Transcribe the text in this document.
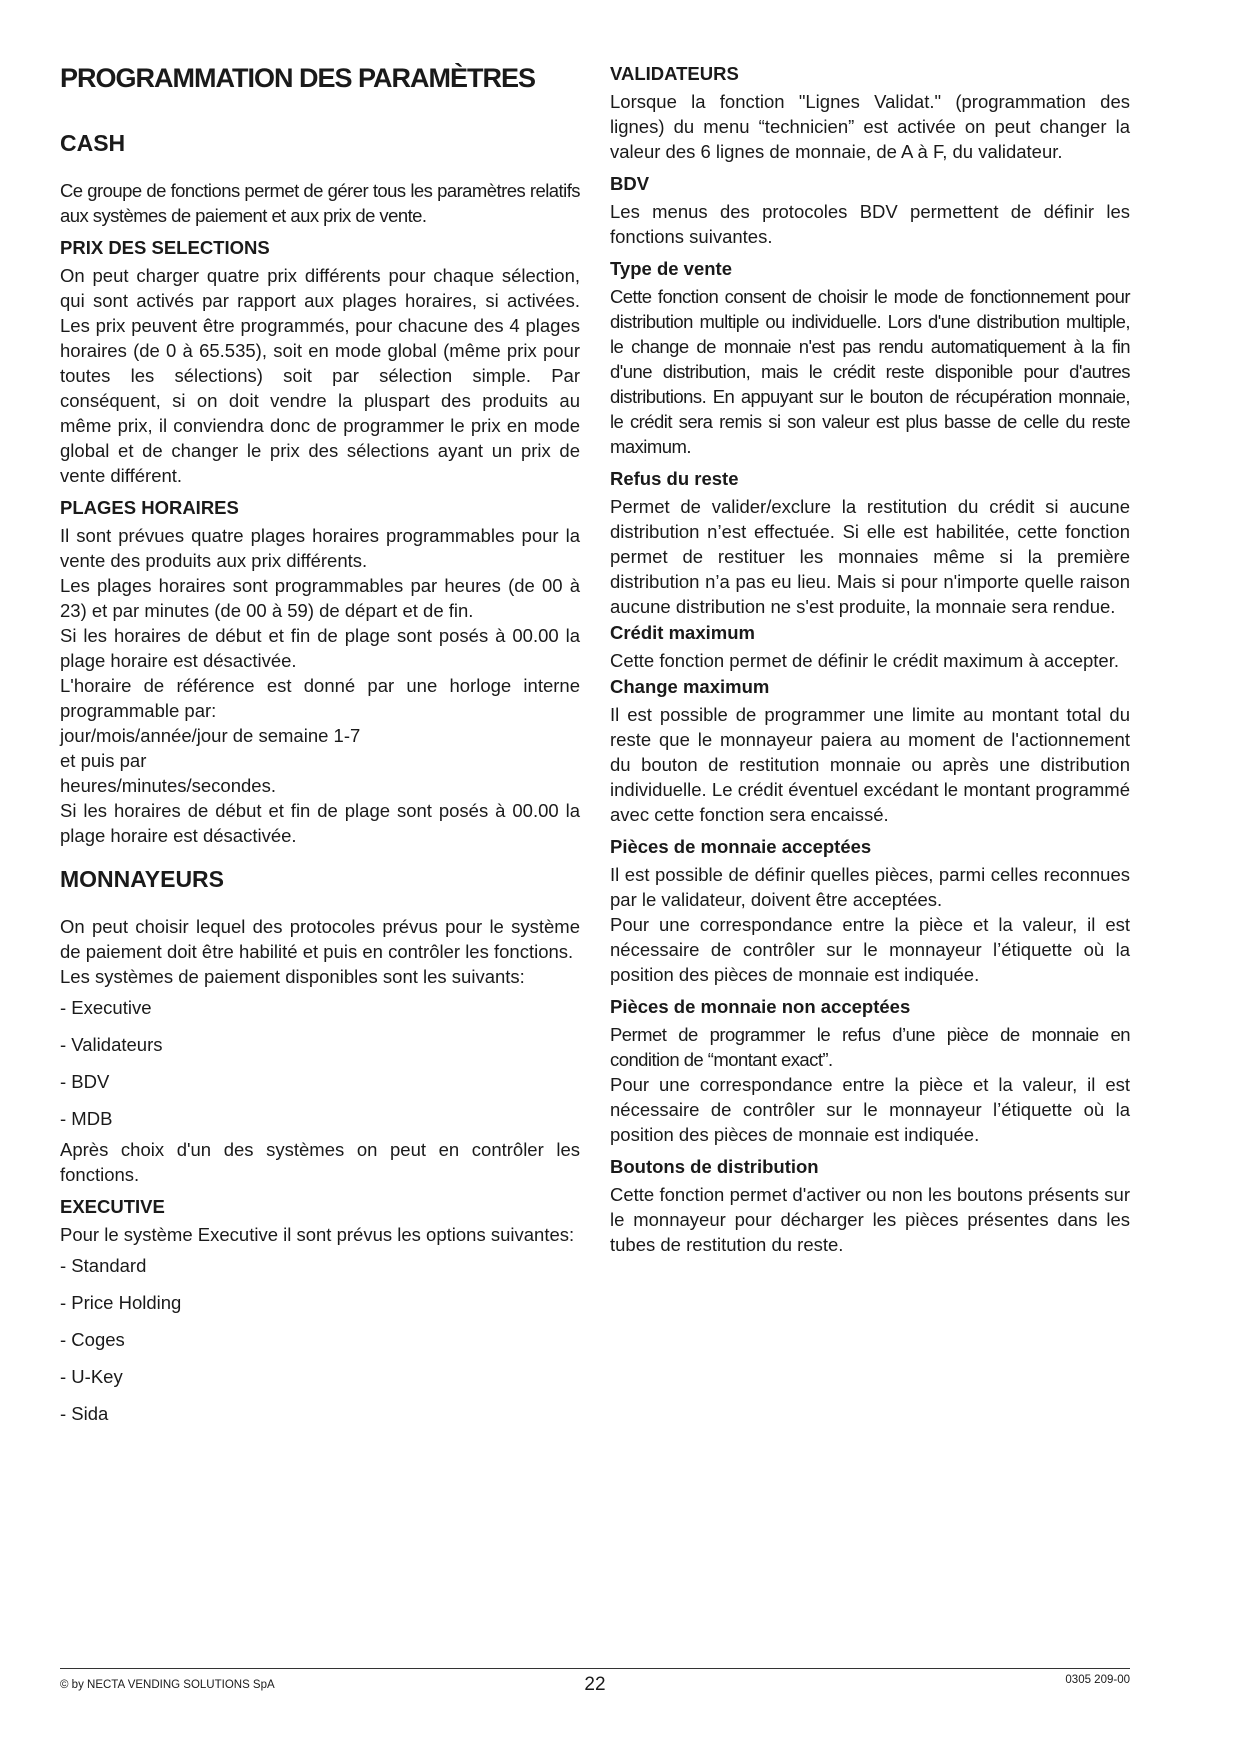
PROGRAMMATION DES PARAMÈTRES
CASH

Ce groupe de fonctions permet de gérer tous les paramètres relatifs aux systèmes de paiement et aux prix de vente.

PRIX DES SELECTIONS

On peut charger quatre prix différents pour chaque sélection, qui sont activés par rapport aux plages horaires, si activées. Les prix peuvent être programmés, pour chacune des 4 plages horaires (de 0 à 65.535), soit en mode global (même prix pour toutes les sélections) soit par sélection simple. Par conséquent, si on doit vendre la pluspart des produits au même prix, il conviendra donc de programmer le prix en mode global et de changer le prix des sélections ayant un prix de vente différent.

PLAGES HORAIRES

Il sont prévues quatre plages horaires programmables pour la vente des produits aux prix différents.

Les plages horaires sont programmables par heures (de 00 à 23) et par minutes (de 00 à 59) de départ et de fin.

Si les horaires de début et fin de plage sont posés à 00.00 la plage horaire est désactivée.

L'horaire de référence est donné par une horloge interne programmable par:

jour/mois/année/jour de semaine 1-7

et puis par

heures/minutes/secondes.

Si les horaires de début et fin de plage sont posés à 00.00 la plage horaire est désactivée.

MONNAYEURS

On peut choisir lequel des protocoles prévus pour le système de paiement doit être habilité et puis en contrôler les fonctions.

Les systèmes de paiement disponibles sont les suivants:

- Executive
- Validateurs
- BDV
- MDB

Après choix d'un des systèmes on peut en contrôler les fonctions.

EXECUTIVE

Pour le système Executive il sont prévus les options suivantes:

- Standard
- Price Holding
- Coges
- U-Key
- Sida
VALIDATEURS

Lorsque la fonction "Lignes Validat." (programmation des lignes) du menu “technicien” est activée on peut changer la valeur des 6 lignes de monnaie, de A à F, du validateur.

BDV

Les menus des protocoles BDV permettent de définir les fonctions suivantes.

Type de vente

Cette fonction consent de choisir le mode de fonctionnement pour distribution multiple ou individuelle. Lors d'une distribution multiple, le change de monnaie n'est pas rendu automatiquement à la fin d'une distribution, mais le crédit reste disponible pour d'autres distributions. En appuyant sur le bouton de récupération monnaie, le crédit sera remis si son valeur est plus basse de celle du reste maximum.

Refus du reste

Permet de valider/exclure la restitution du crédit si aucune distribution n’est effectuée. Si elle est habilitée, cette fonction permet de restituer les monnaies même si la première distribution n’a pas eu lieu. Mais si pour n'importe quelle raison aucune distribution ne s'est produite, la monnaie sera rendue.

Crédit maximum

Cette fonction permet de définir le crédit maximum à accepter.

Change maximum

Il est possible de programmer une limite au montant total du reste que le monnayeur paiera au moment de l'actionnement du bouton de restitution monnaie ou après une distribution individuelle. Le crédit éventuel excédant le montant programmé avec cette fonction sera encaissé.

Pièces de monnaie acceptées

Il est possible de définir quelles pièces, parmi celles reconnues par le validateur, doivent être acceptées.

Pour une correspondance entre la pièce et la valeur, il est nécessaire de contrôler sur le monnayeur l’étiquette où la position des pièces de monnaie est indiquée.

Pièces de monnaie non acceptées

Permet de programmer le refus d’une pièce de monnaie en condition de “montant exact”.

Pour une correspondance entre la pièce et la valeur, il est nécessaire de contrôler sur le monnayeur l’étiquette où la position des pièces de monnaie est indiquée.

Boutons de distribution

Cette fonction permet d'activer ou non les boutons présents sur le monnayeur pour décharger les pièces présentes dans les tubes de restitution du reste.

© by NECTA VENDING SOLUTIONS SpA	22	0305 209-00
